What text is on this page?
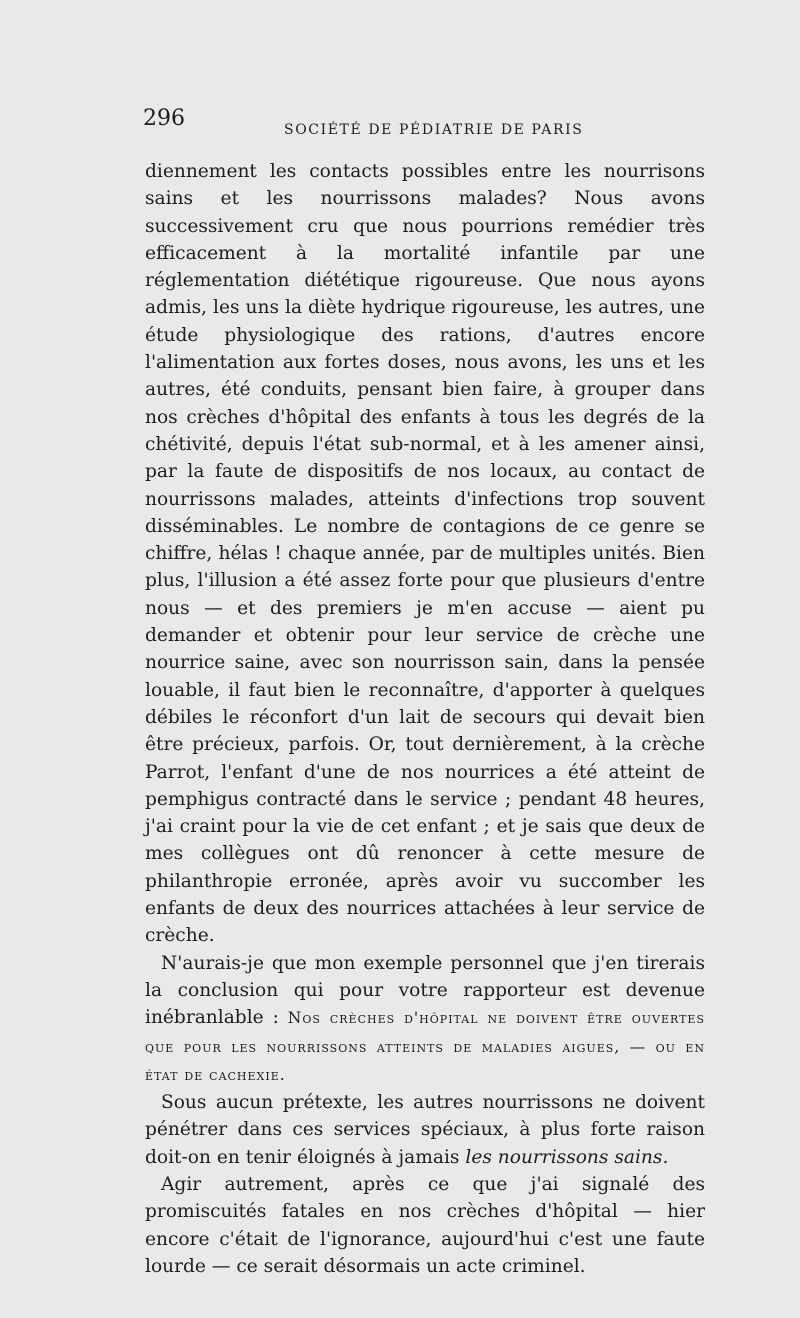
296	SOCIÉTÉ DE PÉDIATRIE DE PARIS

diennement les contacts possibles entre les nourrisons sains et les nourrissons malades? Nous avons successivement cru que nous pourrions remédier très efficacement à la mortalité infantile par une réglementation diététique rigoureuse. Que nous ayons admis, les uns la diète hydrique rigoureuse, les autres, une étude physiologique des rations, d'autres encore l'alimentation aux fortes doses, nous avons, les uns et les autres, été conduits, pensant bien faire, à grouper dans nos crèches d'hôpital des enfants à tous les degrés de la chétivité, depuis l'état sub-normal, et à les amener ainsi, par la faute de dispositifs de nos locaux, au contact de nourrissons malades, atteints d'infections trop souvent disséminables. Le nombre de contagions de ce genre se chiffre, hélas ! chaque année, par de multiples unités. Bien plus, l'illusion a été assez forte pour que plusieurs d'entre nous — et des premiers je m'en accuse — aient pu demander et obtenir pour leur service de crèche une nourrice saine, avec son nourrisson sain, dans la pensée louable, il faut bien le reconnaître, d'apporter à quelques débiles le réconfort d'un lait de secours qui devait bien être précieux, parfois. Or, tout dernièrement, à la crèche Parrot, l'enfant d'une de nos nourrices a été atteint de pemphigus contracté dans le service ; pendant 48 heures, j'ai craint pour la vie de cet enfant ; et je sais que deux de mes collègues ont dû renoncer à cette mesure de philanthropie erronée, après avoir vu succomber les enfants de deux des nourrices attachées à leur service de crèche.

N'aurais-je que mon exemple personnel que j'en tirerais la conclusion qui pour votre rapporteur est devenue inébranlable : Nos crèches d'hôpital ne doivent être ouvertes que pour les nourrissons atteints de maladies aigues, — ou en état de cachexie.

Sous aucun prétexte, les autres nourrissons ne doivent pénétrer dans ces services spéciaux, à plus forte raison doit-on en tenir éloignés à jamais les nourrissons sains.

Agir autrement, après ce que j'ai signalé des promiscuités fatales en nos crèches d'hôpital — hier encore c'était de l'ignorance, aujourd'hui c'est une faute lourde — ce serait désormais un acte criminel.
